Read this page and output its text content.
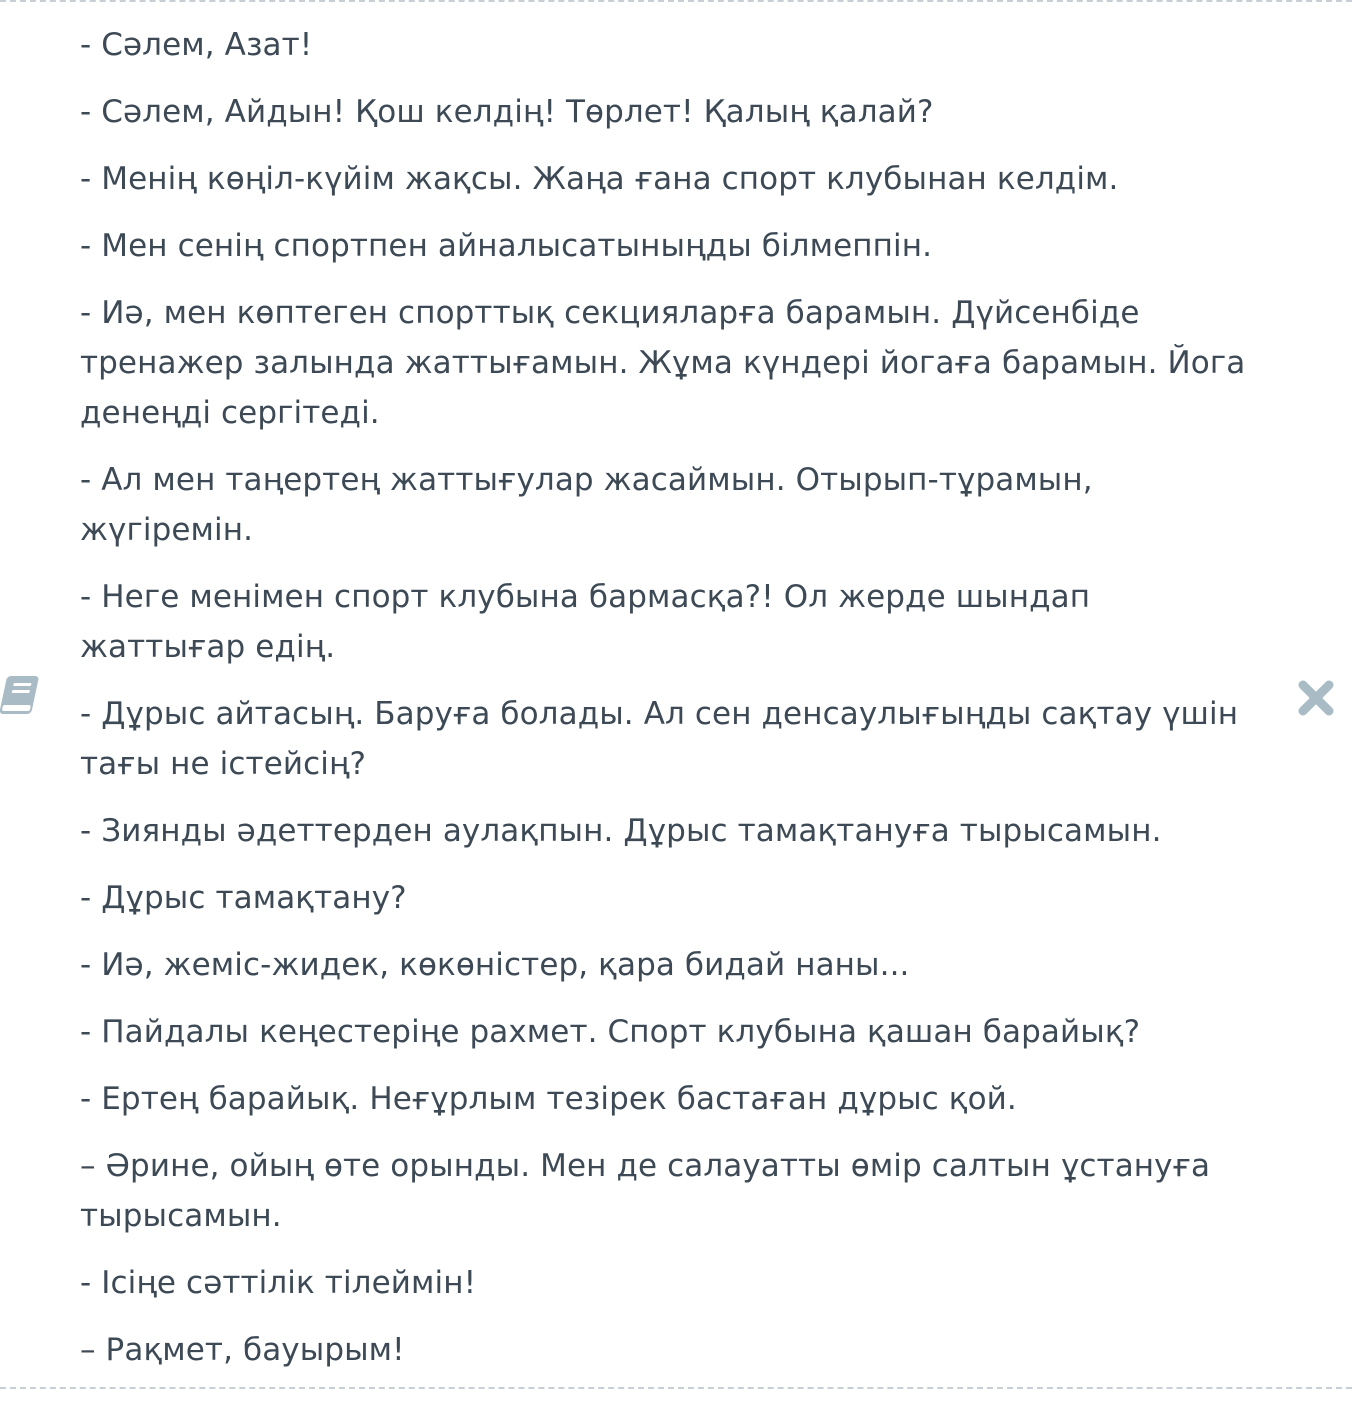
- Сәлем, Азат!
- Сәлем, Айдын! Қош келдің! Төрлет! Қалың қалай?
- Менің көңіл-күйім жақсы. Жаңа ғана спорт клубынан келдім.
- Мен сенің спортпен айналысатыныңды білмеппін.
- Иә, мен көптеген спорттық секцияларға барамын. Дүйсенбіде тренажер залында жаттығамын. Жұма күндері йогаға барамын. Йога денеңді сергітеді.
- Ал мен таңертең жаттығулар жасаймын. Отырып-тұрамын, жүгіремін.
- Неге менімен спорт клубына бармасқа?! Ол жерде шындап жаттығар едің.
- Дұрыс айтасың. Баруға болады. Ал сен денсаулығыңды сақтау үшін тағы не істейсің?
- Зиянды әдеттерден аулақпын. Дұрыс тамақтануға тырысамын.
- Дұрыс тамақтану?
- Иә, жеміс-жидек, көкөністер, қара бидай наны...
- Пайдалы кеңестеріңе рахмет. Спорт клубына қашан барайық?
- Ертең барайық. Неғұрлым тезірек бастаған дұрыс қой.
– Әрине, ойың өте орынды. Мен де салауатты өмір салтын ұстануға тырысамын.
- Ісіңе сәттілік тілеймін!
– Рақмет, бауырым!
